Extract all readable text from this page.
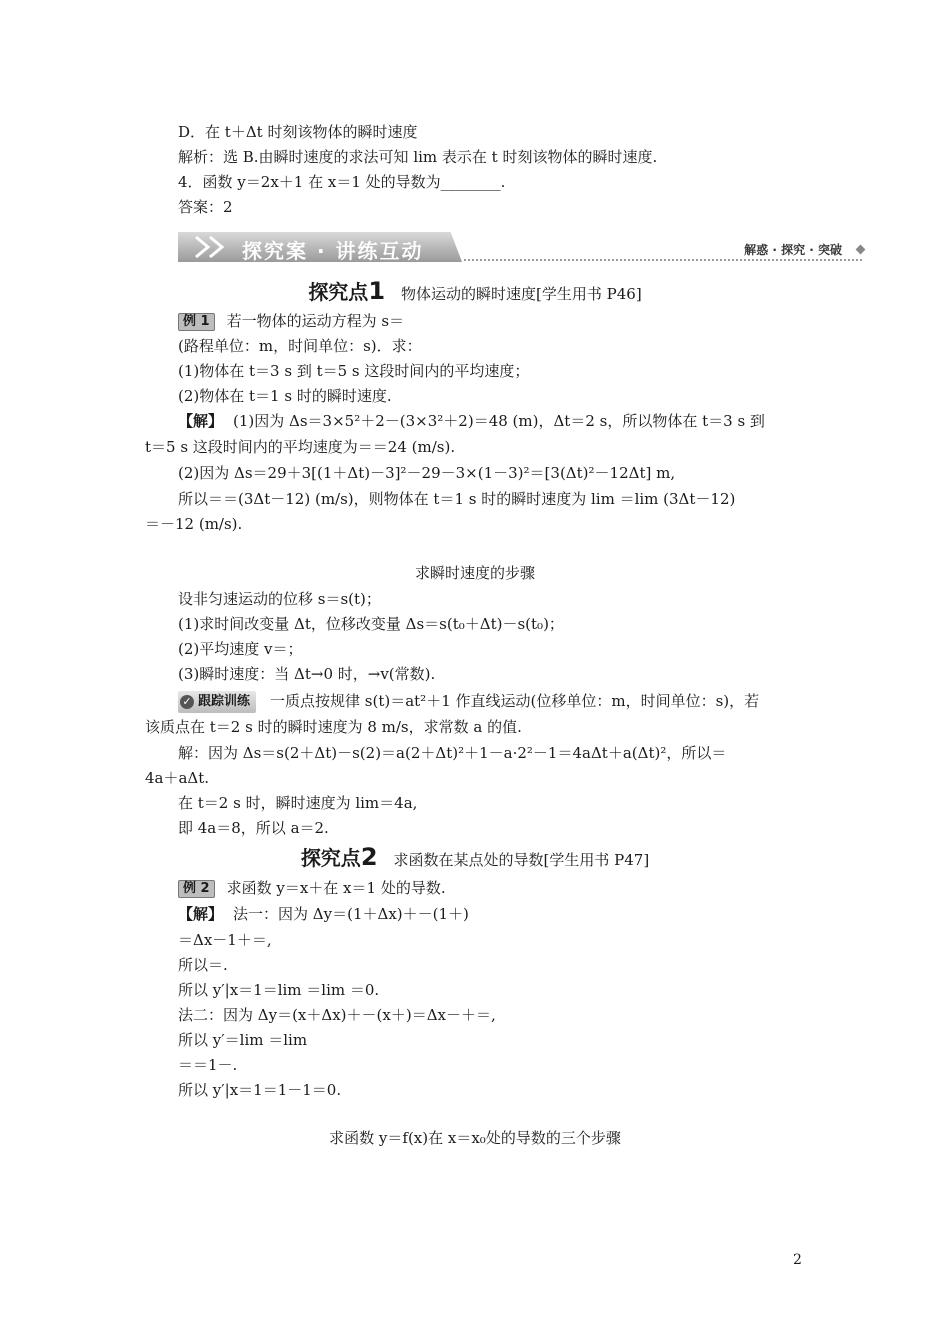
D．在 t＋Δt 时刻该物体的瞬时速度
解析：选 B.由瞬时速度的求法可知 lim 表示在 t 时刻该物体的瞬时速度.
4．函数 y＝2x＋1 在 x＝1 处的导数为________.
答案：2
探究案 · 讲练互动	解惑 · 探究 · 突破
探究点1 物体运动的瞬时速度[学生用书 P46]
例 1 若一物体的运动方程为 s＝
(路程单位：m，时间单位：s)．求：
(1)物体在 t＝3 s 到 t＝5 s 这段时间内的平均速度；
(2)物体在 t＝1 s 时的瞬时速度.
【解】 (1)因为 Δs＝3×5²＋2－(3×3²＋2)＝48 (m)，Δt＝2 s，所以物体在 t＝3 s 到
t＝5 s 这段时间内的平均速度为＝＝24 (m/s).
(2)因为 Δs＝29＋3[(1＋Δt)－3]²－29－3×(1－3)²＝[3(Δt)²－12Δt] m,
所以＝＝(3Δt－12) (m/s)，则物体在 t＝1 s 时的瞬时速度为 lim ＝lim (3Δt－12)
＝－12 (m/s).
求瞬时速度的步骤
设非匀速运动的位移 s＝s(t)；
(1)求时间改变量 Δt，位移改变量 Δs＝s(t₀＋Δt)－s(t₀)；
(2)平均速度 v＝；
(3)瞬时速度：当 Δt→0 时，→v(常数).
✓ 跟踪训练 一质点按规律 s(t)＝at²＋1 作直线运动(位移单位：m，时间单位：s)，若
该质点在 t＝2 s 时的瞬时速度为 8 m/s，求常数 a 的值.
解：因为 Δs＝s(2＋Δt)－s(2)＝a(2＋Δt)²＋1－a·2²－1＝4aΔt＋a(Δt)²，所以＝
4a＋aΔt.
在 t＝2 s 时，瞬时速度为 lim＝4a,
即 4a＝8，所以 a＝2.
探究点2 求函数在某点处的导数[学生用书 P47]
例 2 求函数 y＝x＋在 x＝1 处的导数.
【解】 法一：因为 Δy＝(1＋Δx)＋－(1＋)
＝Δx－1＋＝,
所以＝.
所以 y′|x＝1＝lim ＝lim ＝0.
法二：因为 Δy＝(x＋Δx)＋－(x＋)＝Δx－＋＝,
所以 y′＝lim ＝lim
＝＝1－.
所以 y′|x＝1＝1－1＝0.
求函数 y＝f(x)在 x＝x₀处的导数的三个步骤
2
